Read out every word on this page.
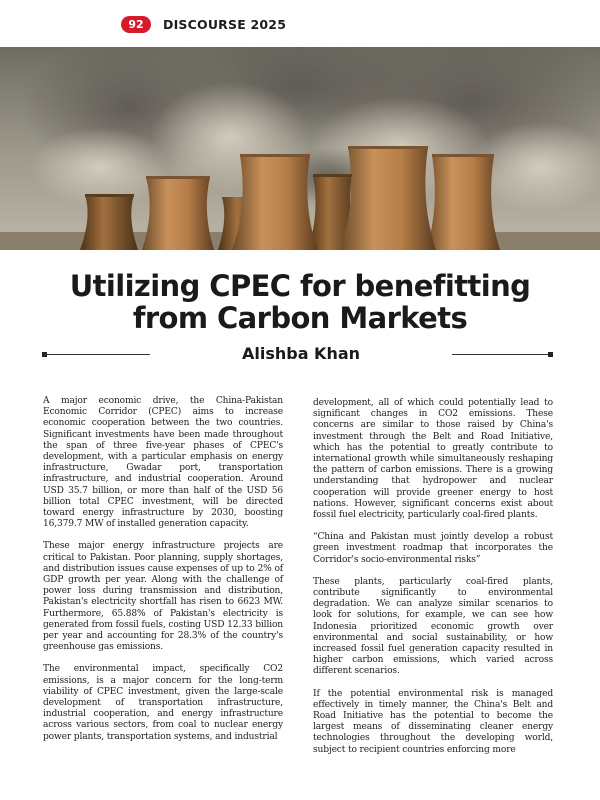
92	DISCOURSE 2025
Utilizing CPEC for benefitting
from Carbon Markets
Alishba Khan

A major economic drive, the China-Pakistan Economic Corridor (CPEC) aims to increase economic cooperation between the two countries. Significant investments have been made throughout the span of three five-year phases of CPEC's development, with a particular emphasis on energy infrastructure, Gwadar port, transportation infrastructure, and industrial cooperation. Around USD 35.7 billion, or more than half of the USD 56 billion total CPEC investment, will be directed toward energy infrastructure by 2030, boosting 16,379.7 MW of installed generation capacity.

These major energy infrastructure projects are critical to Pakistan. Poor planning, supply shortages, and distribution issues cause expenses of up to 2% of GDP growth per year. Along with the challenge of power loss during transmission and distribution, Pakistan's electricity shortfall has risen to 6623 MW. Furthermore, 65.88% of Pakistan's electricity is generated from fossil fuels, costing USD 12.33 billion per year and accounting for 28.3% of the country's greenhouse gas emissions.

The environmental impact, specifically CO2 emissions, is a major concern for the long-term viability of CPEC investment, given the large-scale development of transportation infrastructure, industrial cooperation, and energy infrastructure across various sectors, from coal to nuclear energy power plants, transportation systems, and industrial

development, all of which could potentially lead to significant changes in CO2 emissions. These concerns are similar to those raised by China's investment through the Belt and Road Initiative, which has the potential to greatly contribute to international growth while simultaneously reshaping the pattern of carbon emissions. There is a growing understanding that hydropower and nuclear cooperation will provide greener energy to host nations. However, significant concerns exist about fossil fuel electricity, particularly coal-fired plants.

“China and Pakistan must jointly develop a robust green investment roadmap that incorporates the Corridor's socio-environmental risks”

These plants, particularly coal-fired plants, contribute significantly to environmental degradation. We can analyze similar scenarios to look for solutions, for example, we can see how Indonesia prioritized economic growth over environmental and social sustainability, or how increased fossil fuel generation capacity resulted in higher carbon emissions, which varied across different scenarios.

If the potential environmental risk is managed effectively in timely manner, the China's Belt and Road Initiative has the potential to become the largest means of disseminating cleaner energy technologies throughout the developing world, subject to recipient countries enforcing more
